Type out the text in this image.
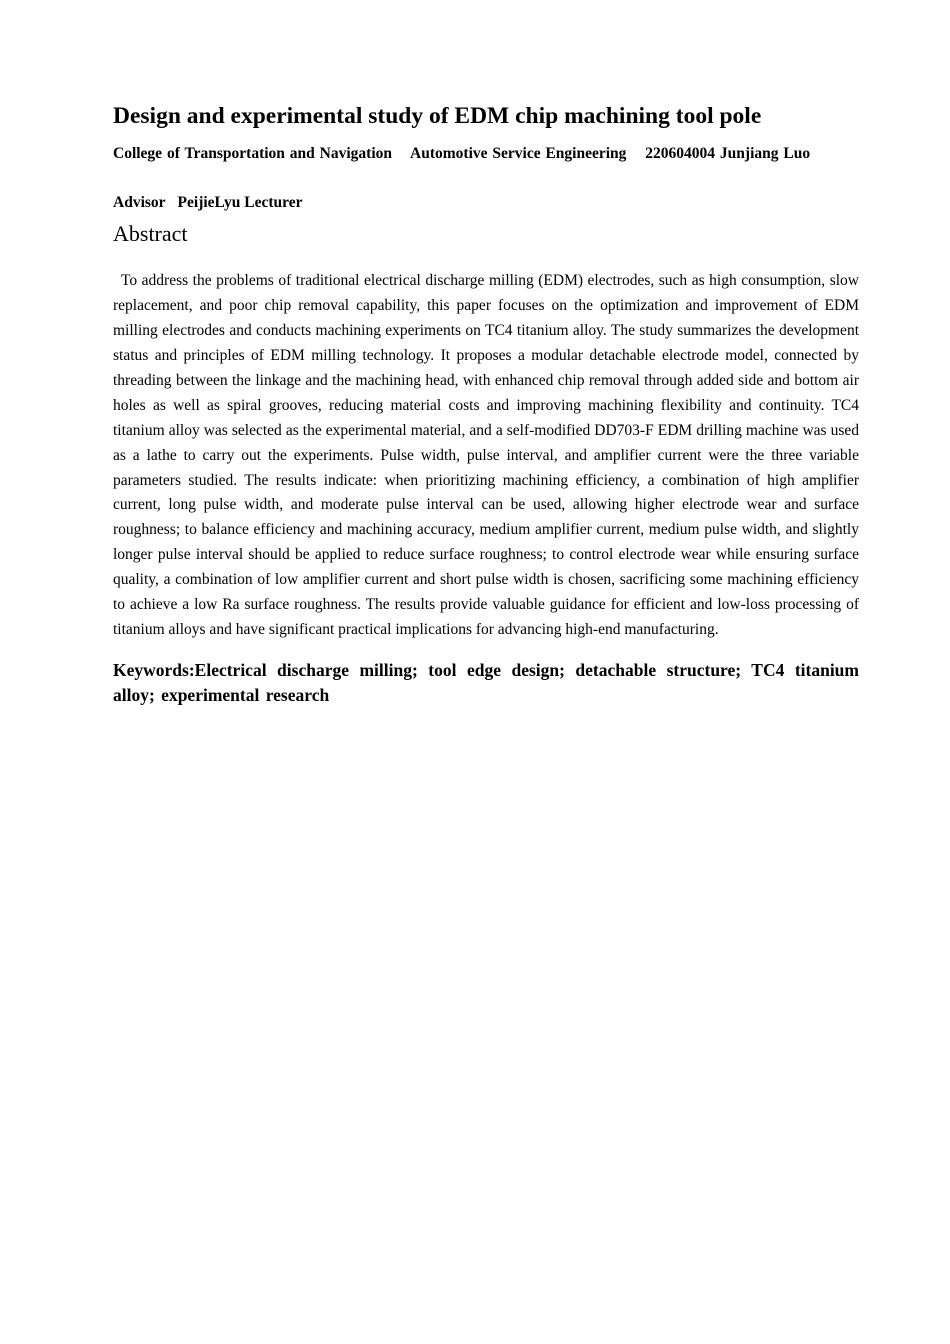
Design and experimental study of EDM chip machining tool pole
College of Transportation and Navigation Automotive Service Engineering 220604004 Junjiang Luo
Advisor PeijieLyu Lecturer
Abstract

To address the problems of traditional electrical discharge milling (EDM) electrodes, such as high consumption, slow replacement, and poor chip removal capability, this paper focuses on the optimization and improvement of EDM milling electrodes and conducts machining experiments on TC4 titanium alloy. The study summarizes the development status and principles of EDM milling technology. It proposes a modular detachable electrode model, connected by threading between the linkage and the machining head, with enhanced chip removal through added side and bottom air holes as well as spiral grooves, reducing material costs and improving machining flexibility and continuity. TC4 titanium alloy was selected as the experimental material, and a self-modified DD703-F EDM drilling machine was used as a lathe to carry out the experiments. Pulse width, pulse interval, and amplifier current were the three variable parameters studied. The results indicate: when prioritizing machining efficiency, a combination of high amplifier current, long pulse width, and moderate pulse interval can be used, allowing higher electrode wear and surface roughness; to balance efficiency and machining accuracy, medium amplifier current, medium pulse width, and slightly longer pulse interval should be applied to reduce surface roughness; to control electrode wear while ensuring surface quality, a combination of low amplifier current and short pulse width is chosen, sacrificing some machining efficiency to achieve a low Ra surface roughness. The results provide valuable guidance for efficient and low-loss processing of titanium alloys and have significant practical implications for advancing high-end manufacturing.

Keywords:Electrical discharge milling; tool edge design; detachable structure; TC4 titanium alloy; experimental research
